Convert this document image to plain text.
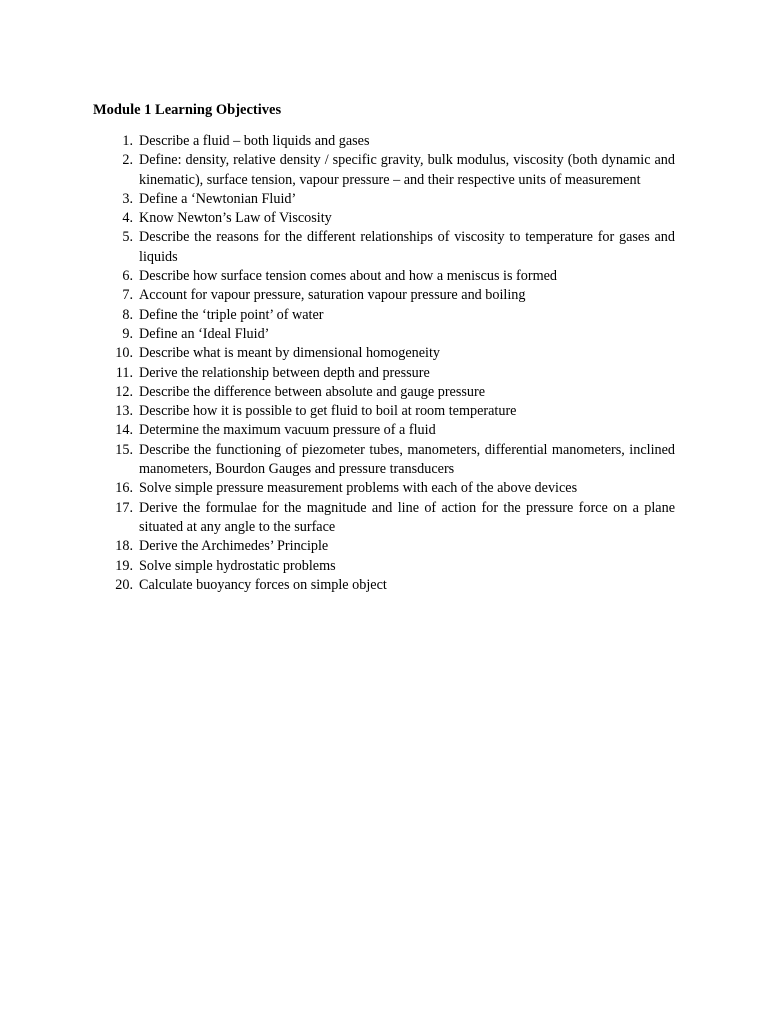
Module 1 Learning Objectives
1. Describe a fluid – both liquids and gases
2. Define: density, relative density / specific gravity, bulk modulus, viscosity (both dynamic and kinematic), surface tension, vapour pressure – and their respective units of measurement
3. Define a ‘Newtonian Fluid’
4. Know Newton’s Law of Viscosity
5. Describe the reasons for the different relationships of viscosity to temperature for gases and liquids
6. Describe how surface tension comes about and how a meniscus is formed
7. Account for vapour pressure, saturation vapour pressure and boiling
8. Define the ‘triple point’ of water
9. Define an ‘Ideal Fluid’
10. Describe what is meant by dimensional homogeneity
11. Derive the relationship between depth and pressure
12. Describe the difference between absolute and gauge pressure
13. Describe how it is possible to get fluid to boil at room temperature
14. Determine the maximum vacuum pressure of a fluid
15. Describe the functioning of piezometer tubes, manometers, differential manometers, inclined manometers, Bourdon Gauges and pressure transducers
16. Solve simple pressure measurement problems with each of the above devices
17. Derive the formulae for the magnitude and line of action for the pressure force on a plane situated at any angle to the surface
18. Derive the Archimedes’ Principle
19. Solve simple hydrostatic problems
20. Calculate buoyancy forces on simple object
